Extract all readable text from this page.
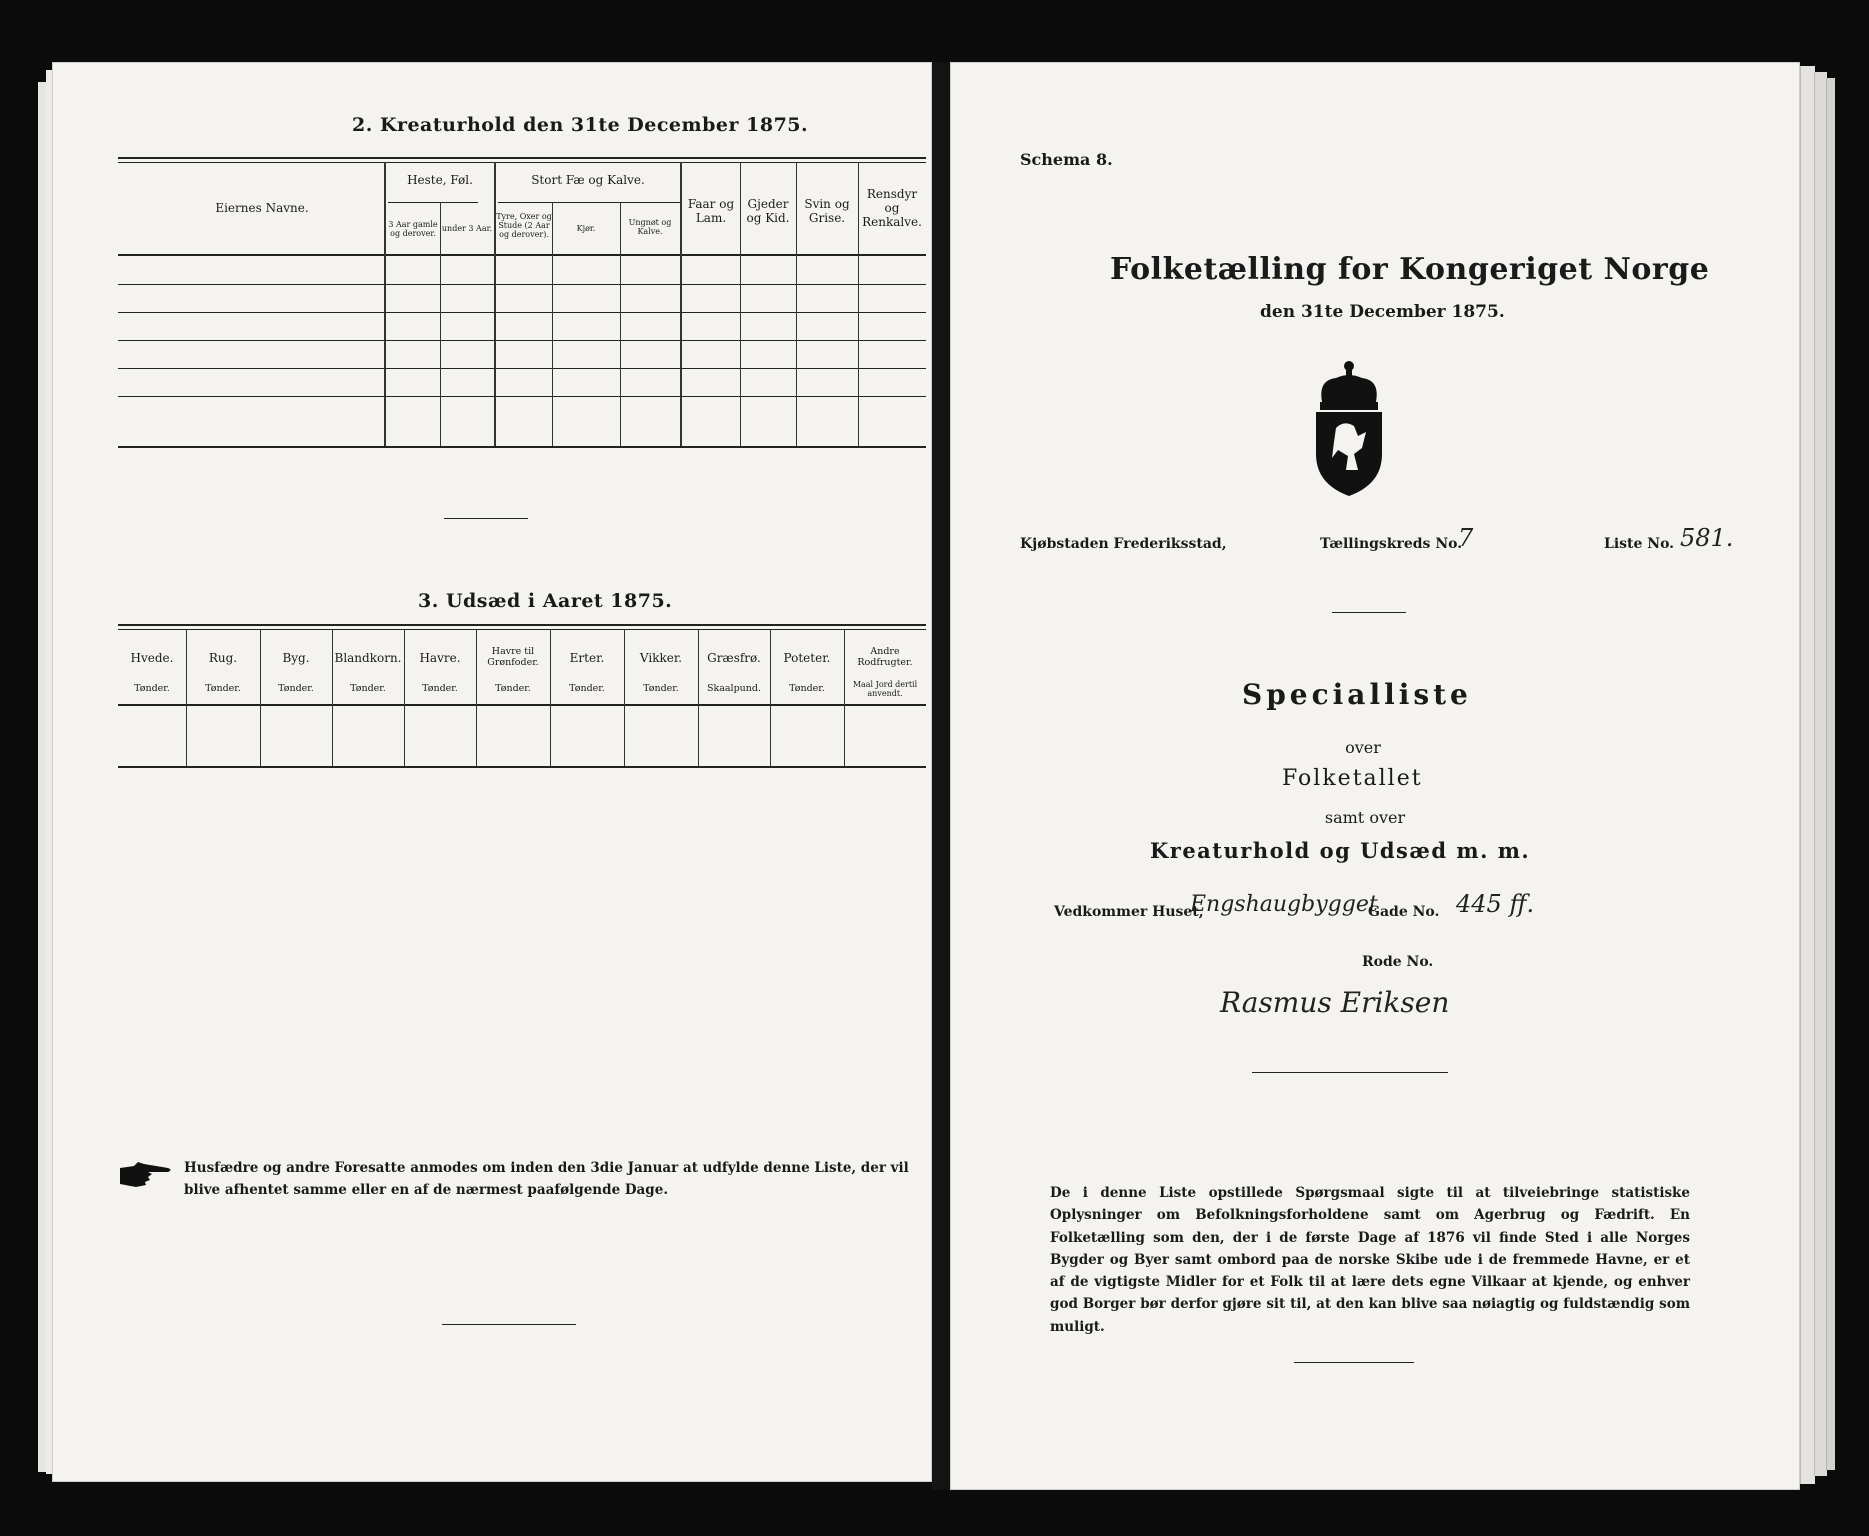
2. Kreaturhold den 31te December 1875.
Eiernes Navne.
Heste, Føl.
3 Aar gamle og derover.
under 3 Aar.
Stort Fæ og Kalve.
Tyre, Oxer og Stude (2 Aar og derover).
Kjør.
Ungnøt og Kalve.
Faar og Lam.
Gjeder og Kid.
Svin og Grise.
Rensdyr og Renkalve.
3. Udsæd i Aaret 1875.
Husfædre og andre Foresatte anmodes om inden den 3die Januar at udfylde denne Liste, der vil blive afhentet samme eller en af de nærmest paafølgende Dage.
Hvede.
Tønder.
Rug.
Tønder.
Byg.
Tønder.
Blandkorn.
Tønder.
Havre.
Tønder.
Havre til Grønfoder.
Tønder.
Erter.
Tønder.
Vikker.
Tønder.
Græsfrø.
Skaalpund.
Poteter.
Tønder.
Andre Rodfrugter.
Maal Jord dertil anvendt.
Schema 8.
Folketælling for Kongeriget Norge
den 31te December 1875.
Kjøbstaden Frederiksstad,	Tællingskreds No.
7	Liste No. 581.
Specialliste
over
Folketallet
samt over
Kreaturhold og Udsæd m. m.
Vedkommer Huset,
Engshaugbygget
Gade No. 445 ff.
Rode No.
Rasmus Eriksen
De i denne Liste opstillede Spørgsmaal sigte til at tilveiebringe statistiske Oplysninger om Befolkningsforholdene samt om Agerbrug og Fædrift. En Folketælling som den, der i de første Dage af 1876 vil finde Sted i alle Norges Bygder og Byer samt ombord paa de norske Skibe ude i de fremmede Havne, er et af de vigtigste Midler for et Folk til at lære dets egne Vilkaar at kjende, og enhver god Borger bør derfor gjøre sit til, at den kan blive saa nøiagtig og fuldstændig som muligt.
